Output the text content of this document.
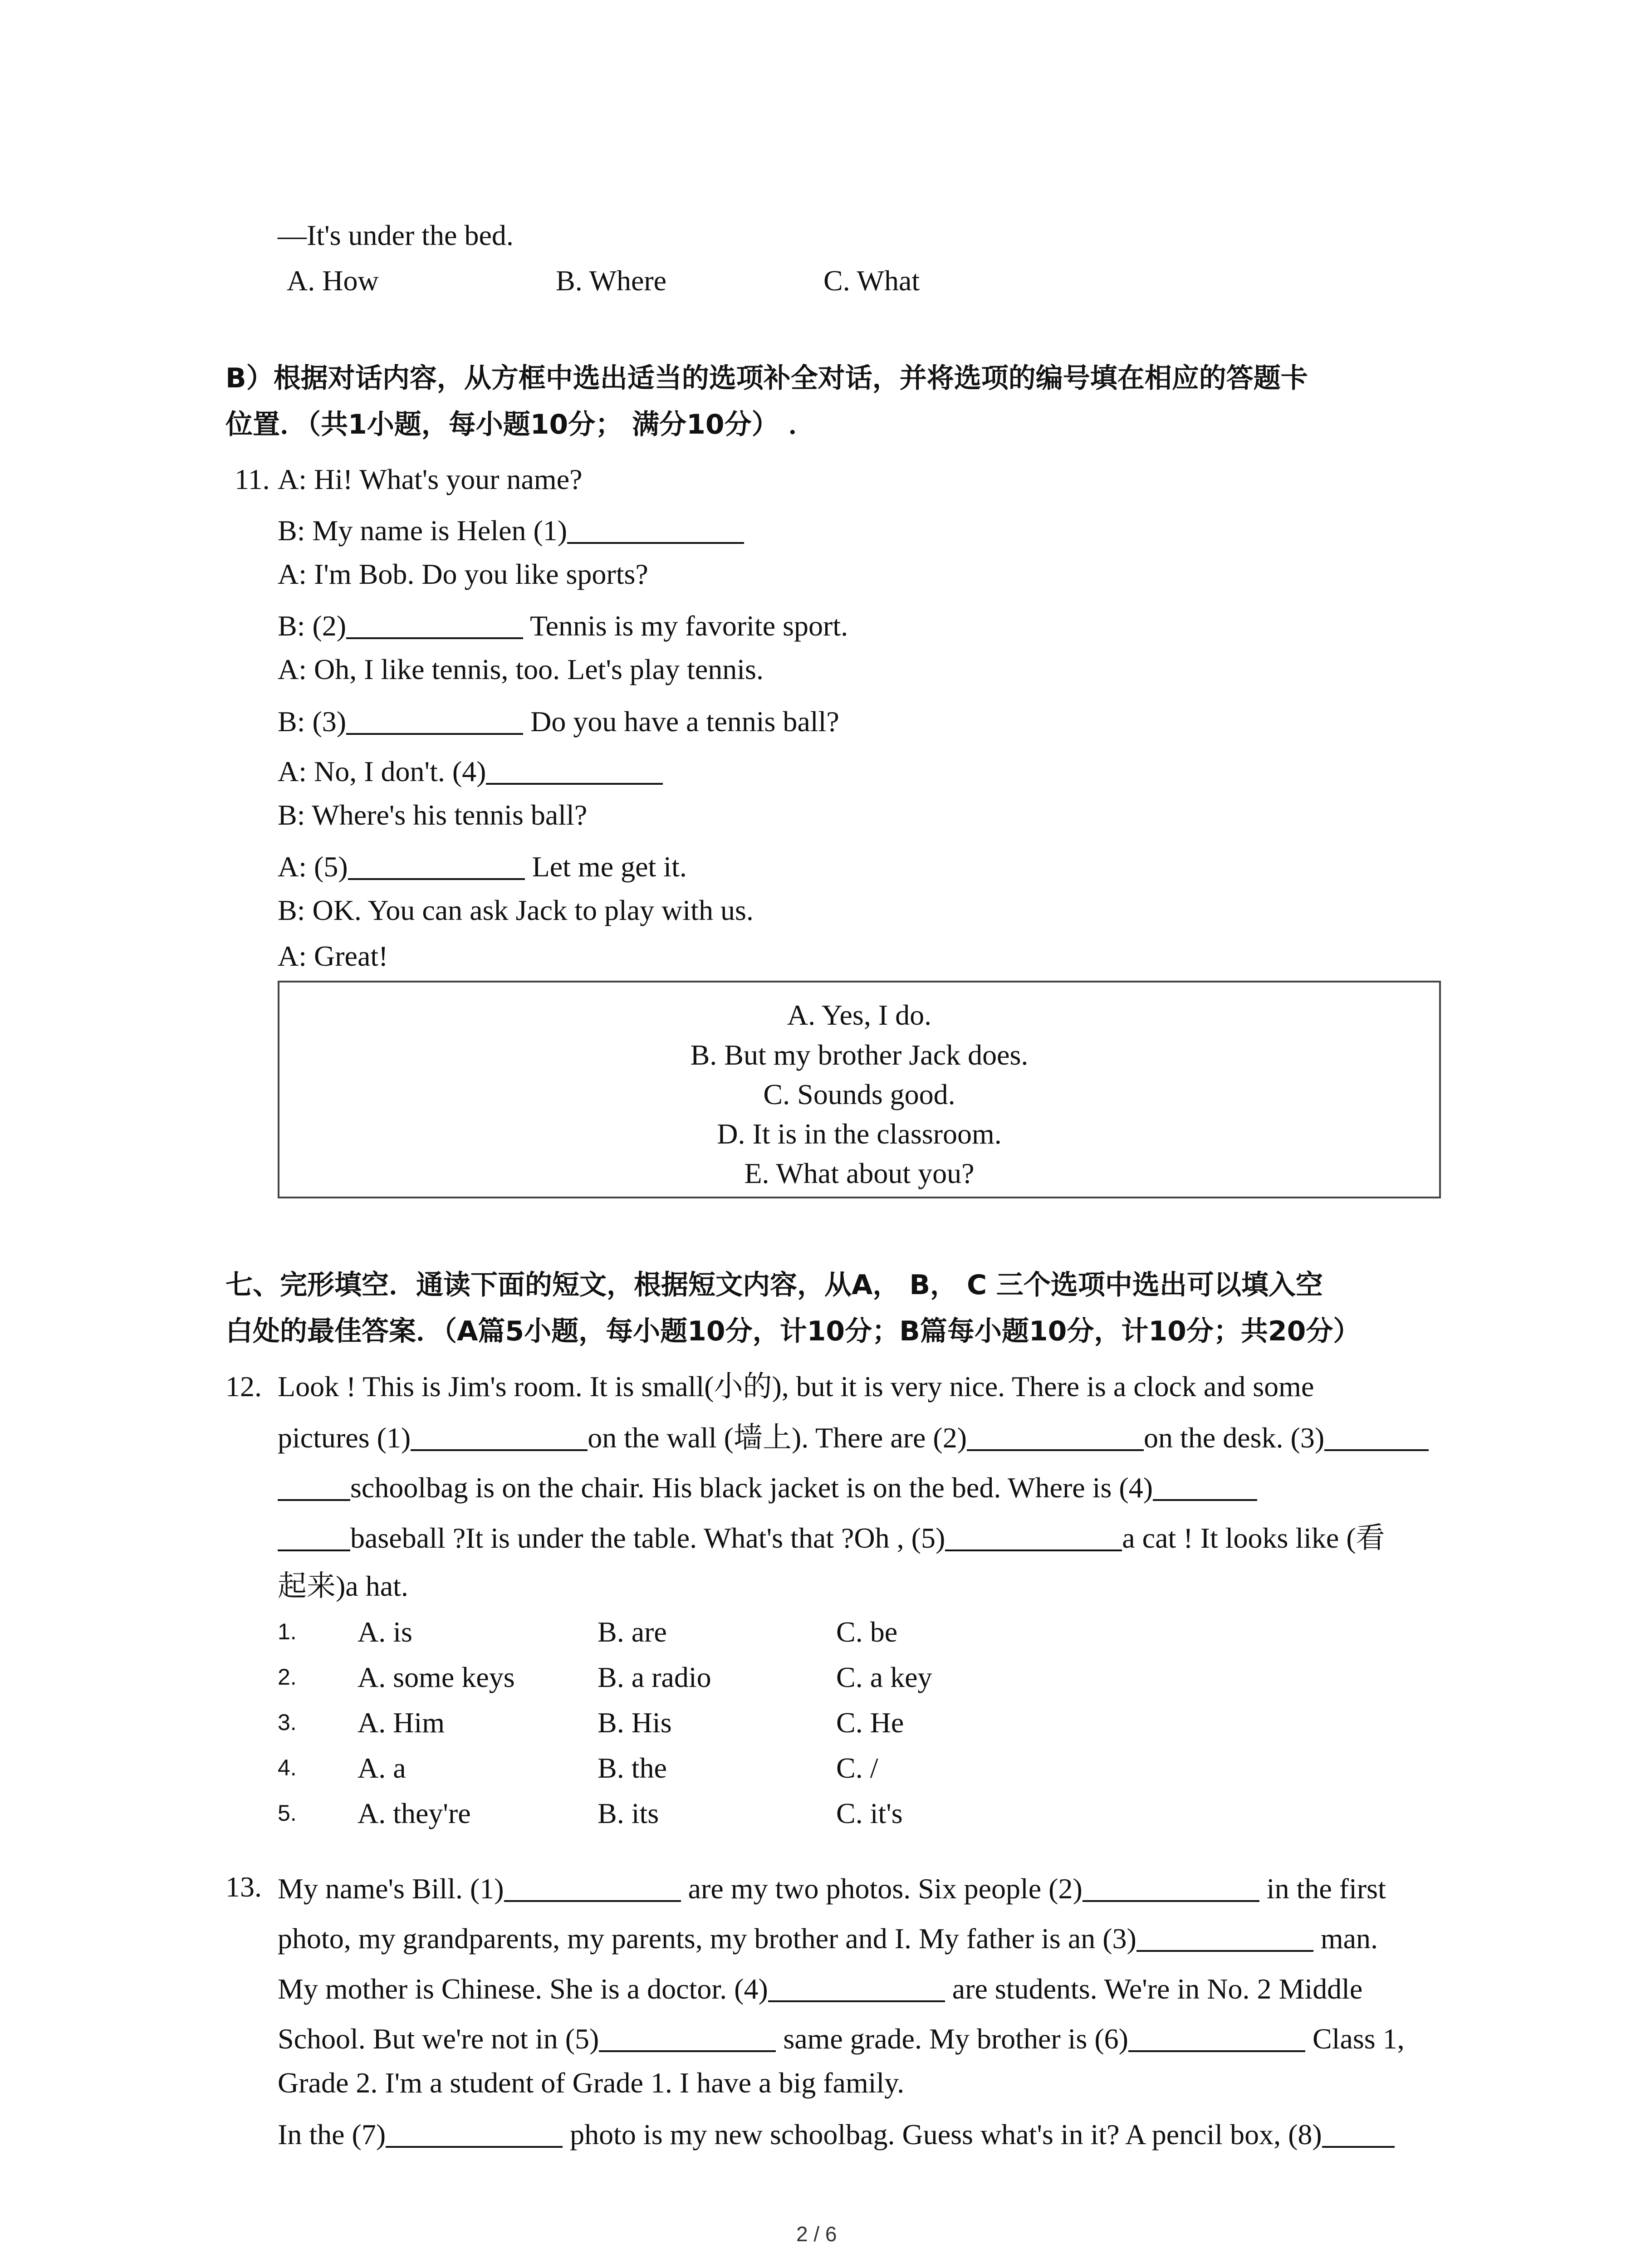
—It's under the bed.
A. How	B. Where	C. What
B）根据对话内容，从方框中选出适当的选项补全对话，并将选项的编号填在相应的答题卡
位置．（共1小题，每小题10分； 满分10分） ．
11. A: Hi! What's your name?
B: My name is Helen (1)
A: I'm Bob. Do you like sports?
B: (2)	Tennis is my favorite sport.
A: Oh, I like tennis, too. Let's play tennis.
B: (3)	Do you have a tennis ball?
A: No, I don't. (4)
B: Where's his tennis ball?
A: (5)	Let me get it.
B: OK. You can ask Jack to play with us.
A: Great!
A. Yes, I do.
B. But my brother Jack does.
C. Sounds good.
D. It is in the classroom.
E. What about you?
七、完形填空．通读下面的短文，根据短文内容，从A， B， C 三个选项中选出可以填入空
白处的最佳答案．（A篇5小题，每小题10分，计10分；B篇每小题10分，计10分；共20分）
12. Look ! This is Jim's room. It is small(小的), but it is very nice. There is a clock and some
pictures (1)	on the wall (墙上). There are (2)	on the desk. (3)
schoolbag is on the chair. His black jacket is on the bed. Where is (4)
baseball ?It is under the table. What's that ?Oh , (5)	a cat ! It looks like (看
起来)a hat.
1. A. is	B. are	C. be
2. A. some keys	B. a radio	C. a key
3. A. Him	B. His	C. He
4. A. a	B. the	C. /
5. A. they're	B. its	C. it's
13. My name's Bill. (1)	are my two photos. Six people (2)	in the first
photo, my grandparents, my parents, my brother and I. My father is an (3)	man.
My mother is Chinese. She is a doctor. (4)	are students. We're in No. 2 Middle
School. But we're not in (5)	same grade. My brother is (6)	Class 1,
Grade 2. I'm a student of Grade 1. I have a big family.
In the (7)	photo is my new schoolbag. Guess what's in it? A pencil box, (8)
2 / 6
